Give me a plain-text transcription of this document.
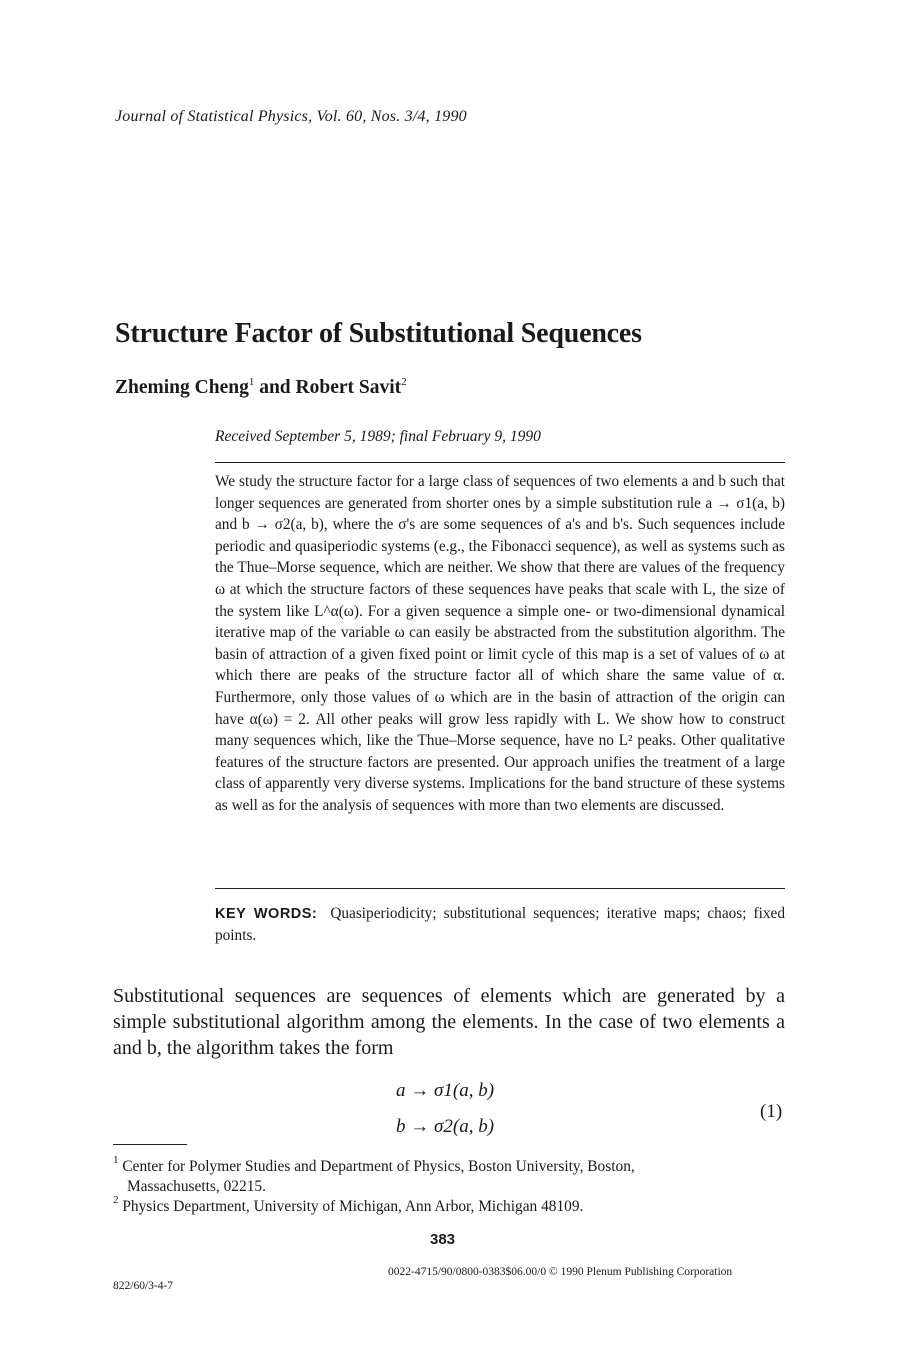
Journal of Statistical Physics, Vol. 60, Nos. 3/4, 1990
Structure Factor of Substitutional Sequences
Zheming Cheng$^1$ and Robert Savit$^2$
Received September 5, 1989; final February 9, 1990
We study the structure factor for a large class of sequences of two elements a and b such that longer sequences are generated from shorter ones by a simple substitution rule a → σ1(a, b) and b → σ2(a, b), where the σ's are some sequences of a's and b's. Such sequences include periodic and quasiperiodic systems (e.g., the Fibonacci sequence), as well as systems such as the Thue–Morse sequence, which are neither. We show that there are values of the frequency ω at which the structure factors of these sequences have peaks that scale with L, the size of the system like L^α(ω). For a given sequence a simple one- or two-dimensional dynamical iterative map of the variable ω can easily be abstracted from the substitution algorithm. The basin of attraction of a given fixed point or limit cycle of this map is a set of values of ω at which there are peaks of the structure factor all of which share the same value of α. Furthermore, only those values of ω which are in the basin of attraction of the origin can have α(ω) = 2. All other peaks will grow less rapidly with L. We show how to construct many sequences which, like the Thue–Morse sequence, have no L² peaks. Other qualitative features of the structure factors are presented. Our approach unifies the treatment of a large class of apparently very diverse systems. Implications for the band structure of these systems as well as for the analysis of sequences with more than two elements are discussed.
KEY WORDS: Quasiperiodicity; substitutional sequences; iterative maps; chaos; fixed points.
Substitutional sequences are sequences of elements which are generated by a simple substitutional algorithm among the elements. In the case of two elements a and b, the algorithm takes the form
a → σ1(a, b)
b → σ2(a, b)
(1)
$^1$ Center for Polymer Studies and Department of Physics, Boston University, Boston,
Massachusetts, 02215.
$^2$ Physics Department, University of Michigan, Ann Arbor, Michigan 48109.
383
0022-4715/90/0800-0383$06.00/0 © 1990 Plenum Publishing Corporation
822/60/3-4-7
